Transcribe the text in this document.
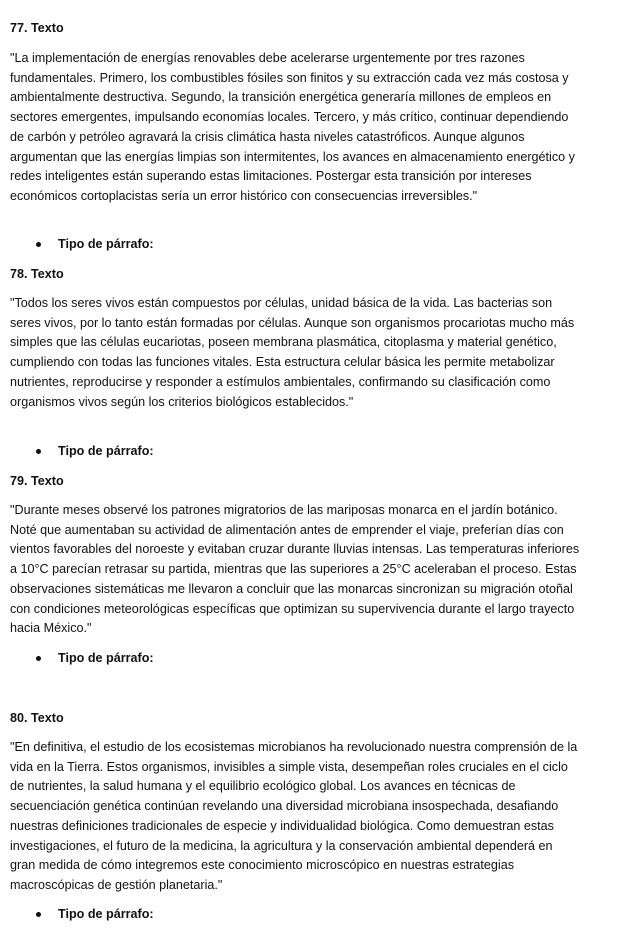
77. Texto

"La implementación de energías renovables debe acelerarse urgentemente por tres razones fundamentales. Primero, los combustibles fósiles son finitos y su extracción cada vez más costosa y ambientalmente destructiva. Segundo, la transición energética generaría millones de empleos en sectores emergentes, impulsando economías locales. Tercero, y más crítico, continuar dependiendo de carbón y petróleo agravará la crisis climática hasta niveles catastróficos. Aunque algunos argumentan que las energías limpias son intermitentes, los avances en almacenamiento energético y redes inteligentes están superando estas limitaciones. Postergar esta transición por intereses económicos cortoplacistas sería un error histórico con consecuencias irreversibles."

Tipo de párrafo:
78. Texto

"Todos los seres vivos están compuestos por células, unidad básica de la vida. Las bacterias son seres vivos, por lo tanto están formadas por células. Aunque son organismos procariotas mucho más simples que las células eucariotas, poseen membrana plasmática, citoplasma y material genético, cumpliendo con todas las funciones vitales. Esta estructura celular básica les permite metabolizar nutrientes, reproducirse y responder a estímulos ambientales, confirmando su clasificación como organismos vivos según los criterios biológicos establecidos."

Tipo de párrafo:
79. Texto

"Durante meses observé los patrones migratorios de las mariposas monarca en el jardín botánico. Noté que aumentaban su actividad de alimentación antes de emprender el viaje, preferían días con vientos favorables del noroeste y evitaban cruzar durante lluvias intensas. Las temperaturas inferiores a 10°C parecían retrasar su partida, mientras que las superiores a 25°C aceleraban el proceso. Estas observaciones sistemáticas me llevaron a concluir que las monarcas sincronizan su migración otoñal con condiciones meteorológicas específicas que optimizan su supervivencia durante el largo trayecto hacia México."

Tipo de párrafo:
80. Texto

"En definitiva, el estudio de los ecosistemas microbianos ha revolucionado nuestra comprensión de la vida en la Tierra. Estos organismos, invisibles a simple vista, desempeñan roles cruciales en el ciclo de nutrientes, la salud humana y el equilibrio ecológico global. Los avances en técnicas de secuenciación genética continúan revelando una diversidad microbiana insospechada, desafiando nuestras definiciones tradicionales de especie y individualidad biológica. Como demuestran estas investigaciones, el futuro de la medicina, la agricultura y la conservación ambiental dependerá en gran medida de cómo integremos este conocimiento microscópico en nuestras estrategias macroscópicas de gestión planetaria."

Tipo de párrafo:
